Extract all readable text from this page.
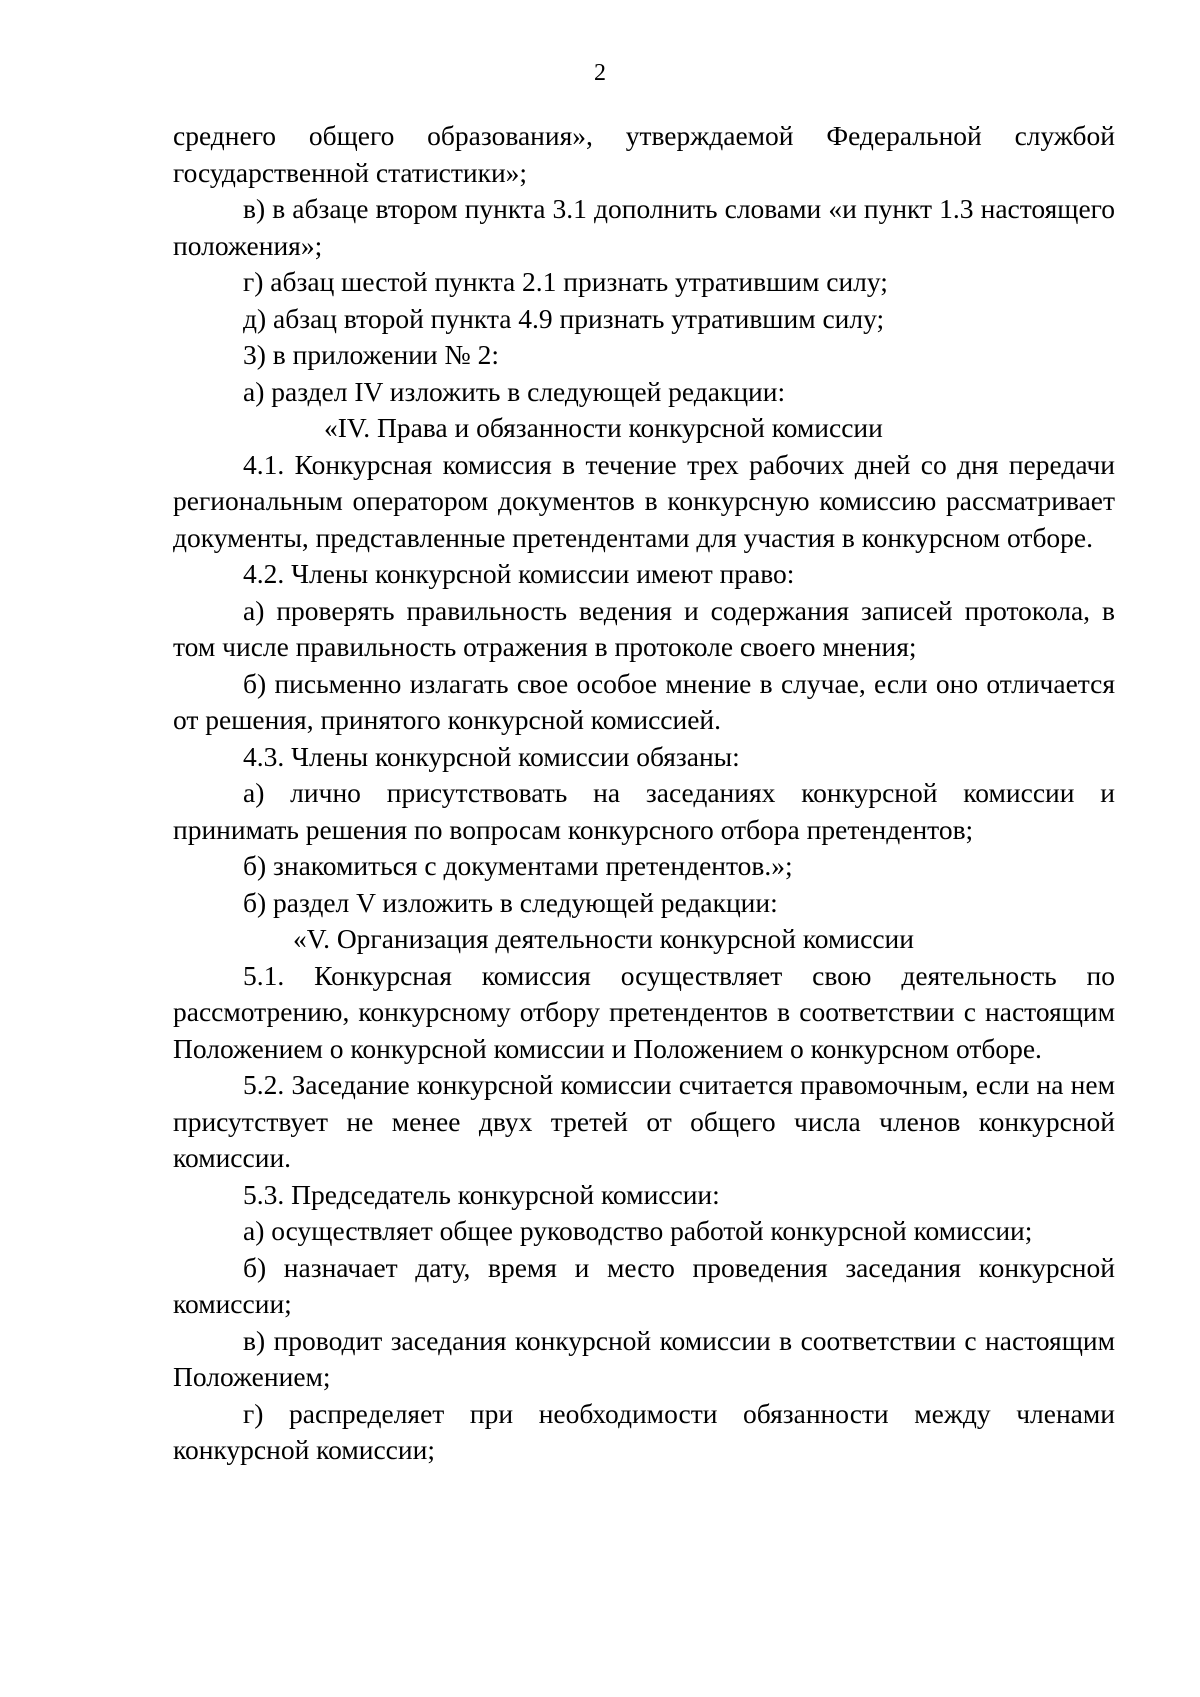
2

среднего общего образования», утверждаемой Федеральной службой государственной статистики»;

в) в абзаце втором пункта 3.1 дополнить словами «и пункт 1.3 настоящего положения»;

г) абзац шестой пункта 2.1 признать утратившим силу;

д) абзац второй пункта 4.9 признать утратившим силу;

3) в приложении № 2:

а) раздел IV изложить в следующей редакции:

«IV. Права и обязанности конкурсной комиссии

4.1. Конкурсная комиссия в течение трех рабочих дней со дня передачи региональным оператором документов в конкурсную комиссию рассматривает документы, представленные претендентами для участия в конкурсном отборе.

4.2. Члены конкурсной комиссии имеют право:

а) проверять правильность ведения и содержания записей протокола, в том числе правильность отражения в протоколе своего мнения;

б) письменно излагать свое особое мнение в случае, если оно отличается от решения, принятого конкурсной комиссией.

4.3. Члены конкурсной комиссии обязаны:

а) лично присутствовать на заседаниях конкурсной комиссии и принимать решения по вопросам конкурсного отбора претендентов;

б) знакомиться с документами претендентов.»;

б) раздел V изложить в следующей редакции:

«V. Организация деятельности конкурсной комиссии

5.1. Конкурсная комиссия осуществляет свою деятельность по рассмотрению, конкурсному отбору претендентов в соответствии с настоящим Положением о конкурсной комиссии и Положением о конкурсном отборе.

5.2. Заседание конкурсной комиссии считается правомочным, если на нем присутствует не менее двух третей от общего числа членов конкурсной комиссии.

5.3. Председатель конкурсной комиссии:

а) осуществляет общее руководство работой конкурсной комиссии;

б) назначает дату, время и место проведения заседания конкурсной комиссии;

в) проводит заседания конкурсной комиссии в соответствии с настоящим Положением;

г) распределяет при необходимости обязанности между членами конкурсной комиссии;
